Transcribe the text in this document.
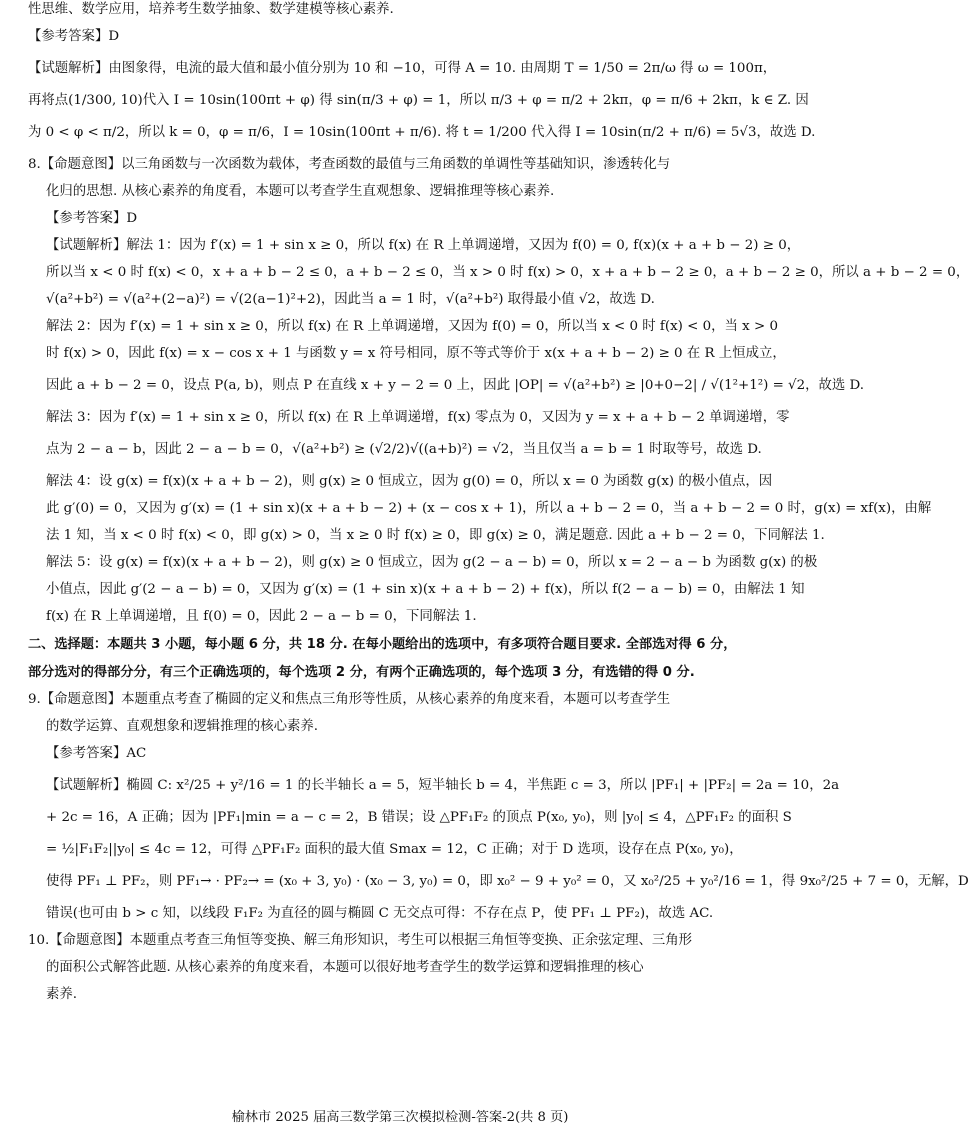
性思维、数学应用，培养考生数学抽象、数学建模等核心素养.
【参考答案】D
【试题解析】由图象得，电流的最大值和最小值分别为 10 和 −10，可得 A = 10. 由周期 T = 1/50 = 2π/ω 得 ω = 100π，
再将点(1/300, 10)代入 I = 10sin(100πt + φ) 得 sin(π/3 + φ) = 1，所以 π/3 + φ = π/2 + 2kπ，φ = π/6 + 2kπ，k ∈ Z. 因
为 0 < φ < π/2，所以 k = 0，φ = π/6，I = 10sin(100πt + π/6). 将 t = 1/200 代入得 I = 10sin(π/2 + π/6) = 5√3，故选 D.
8.【命题意图】以三角函数与一次函数为载体，考查函数的最值与三角函数的单调性等基础知识，渗透转化与
化归的思想. 从核心素养的角度看，本题可以考查学生直观想象、逻辑推理等核心素养.
【参考答案】D
【试题解析】解法 1：因为 f′(x) = 1 + sin x ≥ 0，所以 f(x) 在 R 上单调递增，又因为 f(0) = 0, f(x)(x + a + b − 2) ≥ 0，
所以当 x < 0 时 f(x) < 0，x + a + b − 2 ≤ 0，a + b − 2 ≤ 0，当 x > 0 时 f(x) > 0，x + a + b − 2 ≥ 0，a + b − 2 ≥ 0，所以 a + b − 2 = 0，
√(a²+b²) = √(a²+(2−a)²) = √(2(a−1)²+2)，因此当 a = 1 时，√(a²+b²) 取得最小值 √2，故选 D.
解法 2：因为 f′(x) = 1 + sin x ≥ 0，所以 f(x) 在 R 上单调递增，又因为 f(0) = 0，所以当 x < 0 时 f(x) < 0，当 x > 0
时 f(x) > 0，因此 f(x) = x − cos x + 1 与函数 y = x 符号相同，原不等式等价于 x(x + a + b − 2) ≥ 0 在 R 上恒成立，
因此 a + b − 2 = 0，设点 P(a, b)，则点 P 在直线 x + y − 2 = 0 上，因此 |OP| = √(a²+b²) ≥ |0+0−2| / √(1²+1²) = √2，故选 D.
解法 3：因为 f′(x) = 1 + sin x ≥ 0，所以 f(x) 在 R 上单调递增，f(x) 零点为 0，又因为 y = x + a + b − 2 单调递增，零
点为 2 − a − b，因此 2 − a − b = 0，√(a²+b²) ≥ (√2/2)√((a+b)²) = √2，当且仅当 a = b = 1 时取等号，故选 D.
解法 4：设 g(x) = f(x)(x + a + b − 2)，则 g(x) ≥ 0 恒成立，因为 g(0) = 0，所以 x = 0 为函数 g(x) 的极小值点，因
此 g′(0) = 0，又因为 g′(x) = (1 + sin x)(x + a + b − 2) + (x − cos x + 1)，所以 a + b − 2 = 0，当 a + b − 2 = 0 时，g(x) = xf(x)，由解
法 1 知，当 x < 0 时 f(x) < 0，即 g(x) > 0，当 x ≥ 0 时 f(x) ≥ 0，即 g(x) ≥ 0，满足题意. 因此 a + b − 2 = 0，下同解法 1.
解法 5：设 g(x) = f(x)(x + a + b − 2)，则 g(x) ≥ 0 恒成立，因为 g(2 − a − b) = 0，所以 x = 2 − a − b 为函数 g(x) 的极
小值点，因此 g′(2 − a − b) = 0，又因为 g′(x) = (1 + sin x)(x + a + b − 2) + f(x)，所以 f(2 − a − b) = 0，由解法 1 知
f(x) 在 R 上单调递增，且 f(0) = 0，因此 2 − a − b = 0，下同解法 1.
二、选择题：本题共 3 小题，每小题 6 分，共 18 分. 在每小题给出的选项中，有多项符合题目要求. 全部选对得 6 分，
部分选对的得部分分，有三个正确选项的，每个选项 2 分，有两个正确选项的，每个选项 3 分，有选错的得 0 分.
9.【命题意图】本题重点考查了椭圆的定义和焦点三角形等性质，从核心素养的角度来看，本题可以考查学生
的数学运算、直观想象和逻辑推理的核心素养.
【参考答案】AC
【试题解析】椭圆 C: x²/25 + y²/16 = 1 的长半轴长 a = 5，短半轴长 b = 4，半焦距 c = 3，所以 |PF₁| + |PF₂| = 2a = 10，2a
+ 2c = 16，A 正确；因为 |PF₁|min = a − c = 2，B 错误；设 △PF₁F₂ 的顶点 P(x₀, y₀)，则 |y₀| ≤ 4，△PF₁F₂ 的面积 S
= ½|F₁F₂||y₀| ≤ 4c = 12，可得 △PF₁F₂ 面积的最大值 Smax = 12，C 正确；对于 D 选项，设存在点 P(x₀, y₀)，
使得 PF₁ ⊥ PF₂，则 PF₁→ · PF₂→ = (x₀ + 3, y₀) · (x₀ − 3, y₀) = 0，即 x₀² − 9 + y₀² = 0，又 x₀²/25 + y₀²/16 = 1，得 9x₀²/25 + 7 = 0，无解，D
错误(也可由 b > c 知，以线段 F₁F₂ 为直径的圆与椭圆 C 无交点可得：不存在点 P，使 PF₁ ⊥ PF₂)，故选 AC.
10.【命题意图】本题重点考查三角恒等变换、解三角形知识，考生可以根据三角恒等变换、正余弦定理、三角形
的面积公式解答此题. 从核心素养的角度来看，本题可以很好地考查学生的数学运算和逻辑推理的核心
素养.
榆林市 2025 届高三数学第三次模拟检测-答案-2(共 8 页)
